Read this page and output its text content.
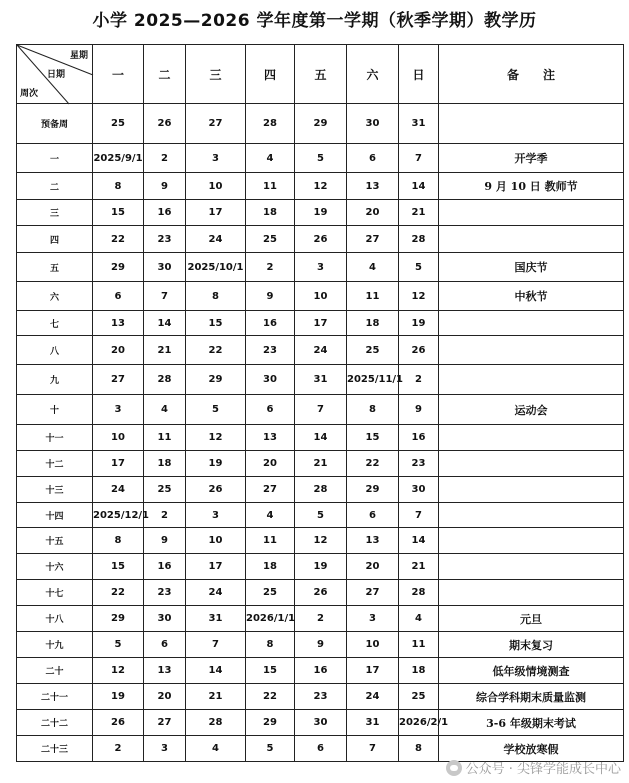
小学 2025—2026 学年度第一学期（秋季学期）教学历
星期
日期
周次	一	二	三	四	五	六	日	备　　注
预备周	25	26	27	28	29	30	31	
一	2025/9/1	2	3	4	5	6	7	开学季
二	8	9	10	11	12	13	14	9 月 10 日 教师节
三	15	16	17	18	19	20	21	
四	22	23	24	25	26	27	28	
五	29	30	2025/10/1	2	3	4	5	国庆节
六	6	7	8	9	10	11	12	中秋节
七	13	14	15	16	17	18	19	
八	20	21	22	23	24	25	26	
九	27	28	29	30	31	2025/11/1	2	
十	3	4	5	6	7	8	9	运动会
十一	10	11	12	13	14	15	16	
十二	17	18	19	20	21	22	23	
十三	24	25	26	27	28	29	30	
十四	2025/12/1	2	3	4	5	6	7	
十五	8	9	10	11	12	13	14	
十六	15	16	17	18	19	20	21	
十七	22	23	24	25	26	27	28	
十八	29	30	31	2026/1/1	2	3	4	元旦
十九	5	6	7	8	9	10	11	期末复习
二十	12	13	14	15	16	17	18	低年级情境测查
二十一	19	20	21	22	23	24	25	综合学科期末质量监测
二十二	26	27	28	29	30	31	2026/2/1	3-6 年级期末考试
二十三	2	3	4	5	6	7	8	学校放寒假
公众号 · 尖锋学能成长中心
